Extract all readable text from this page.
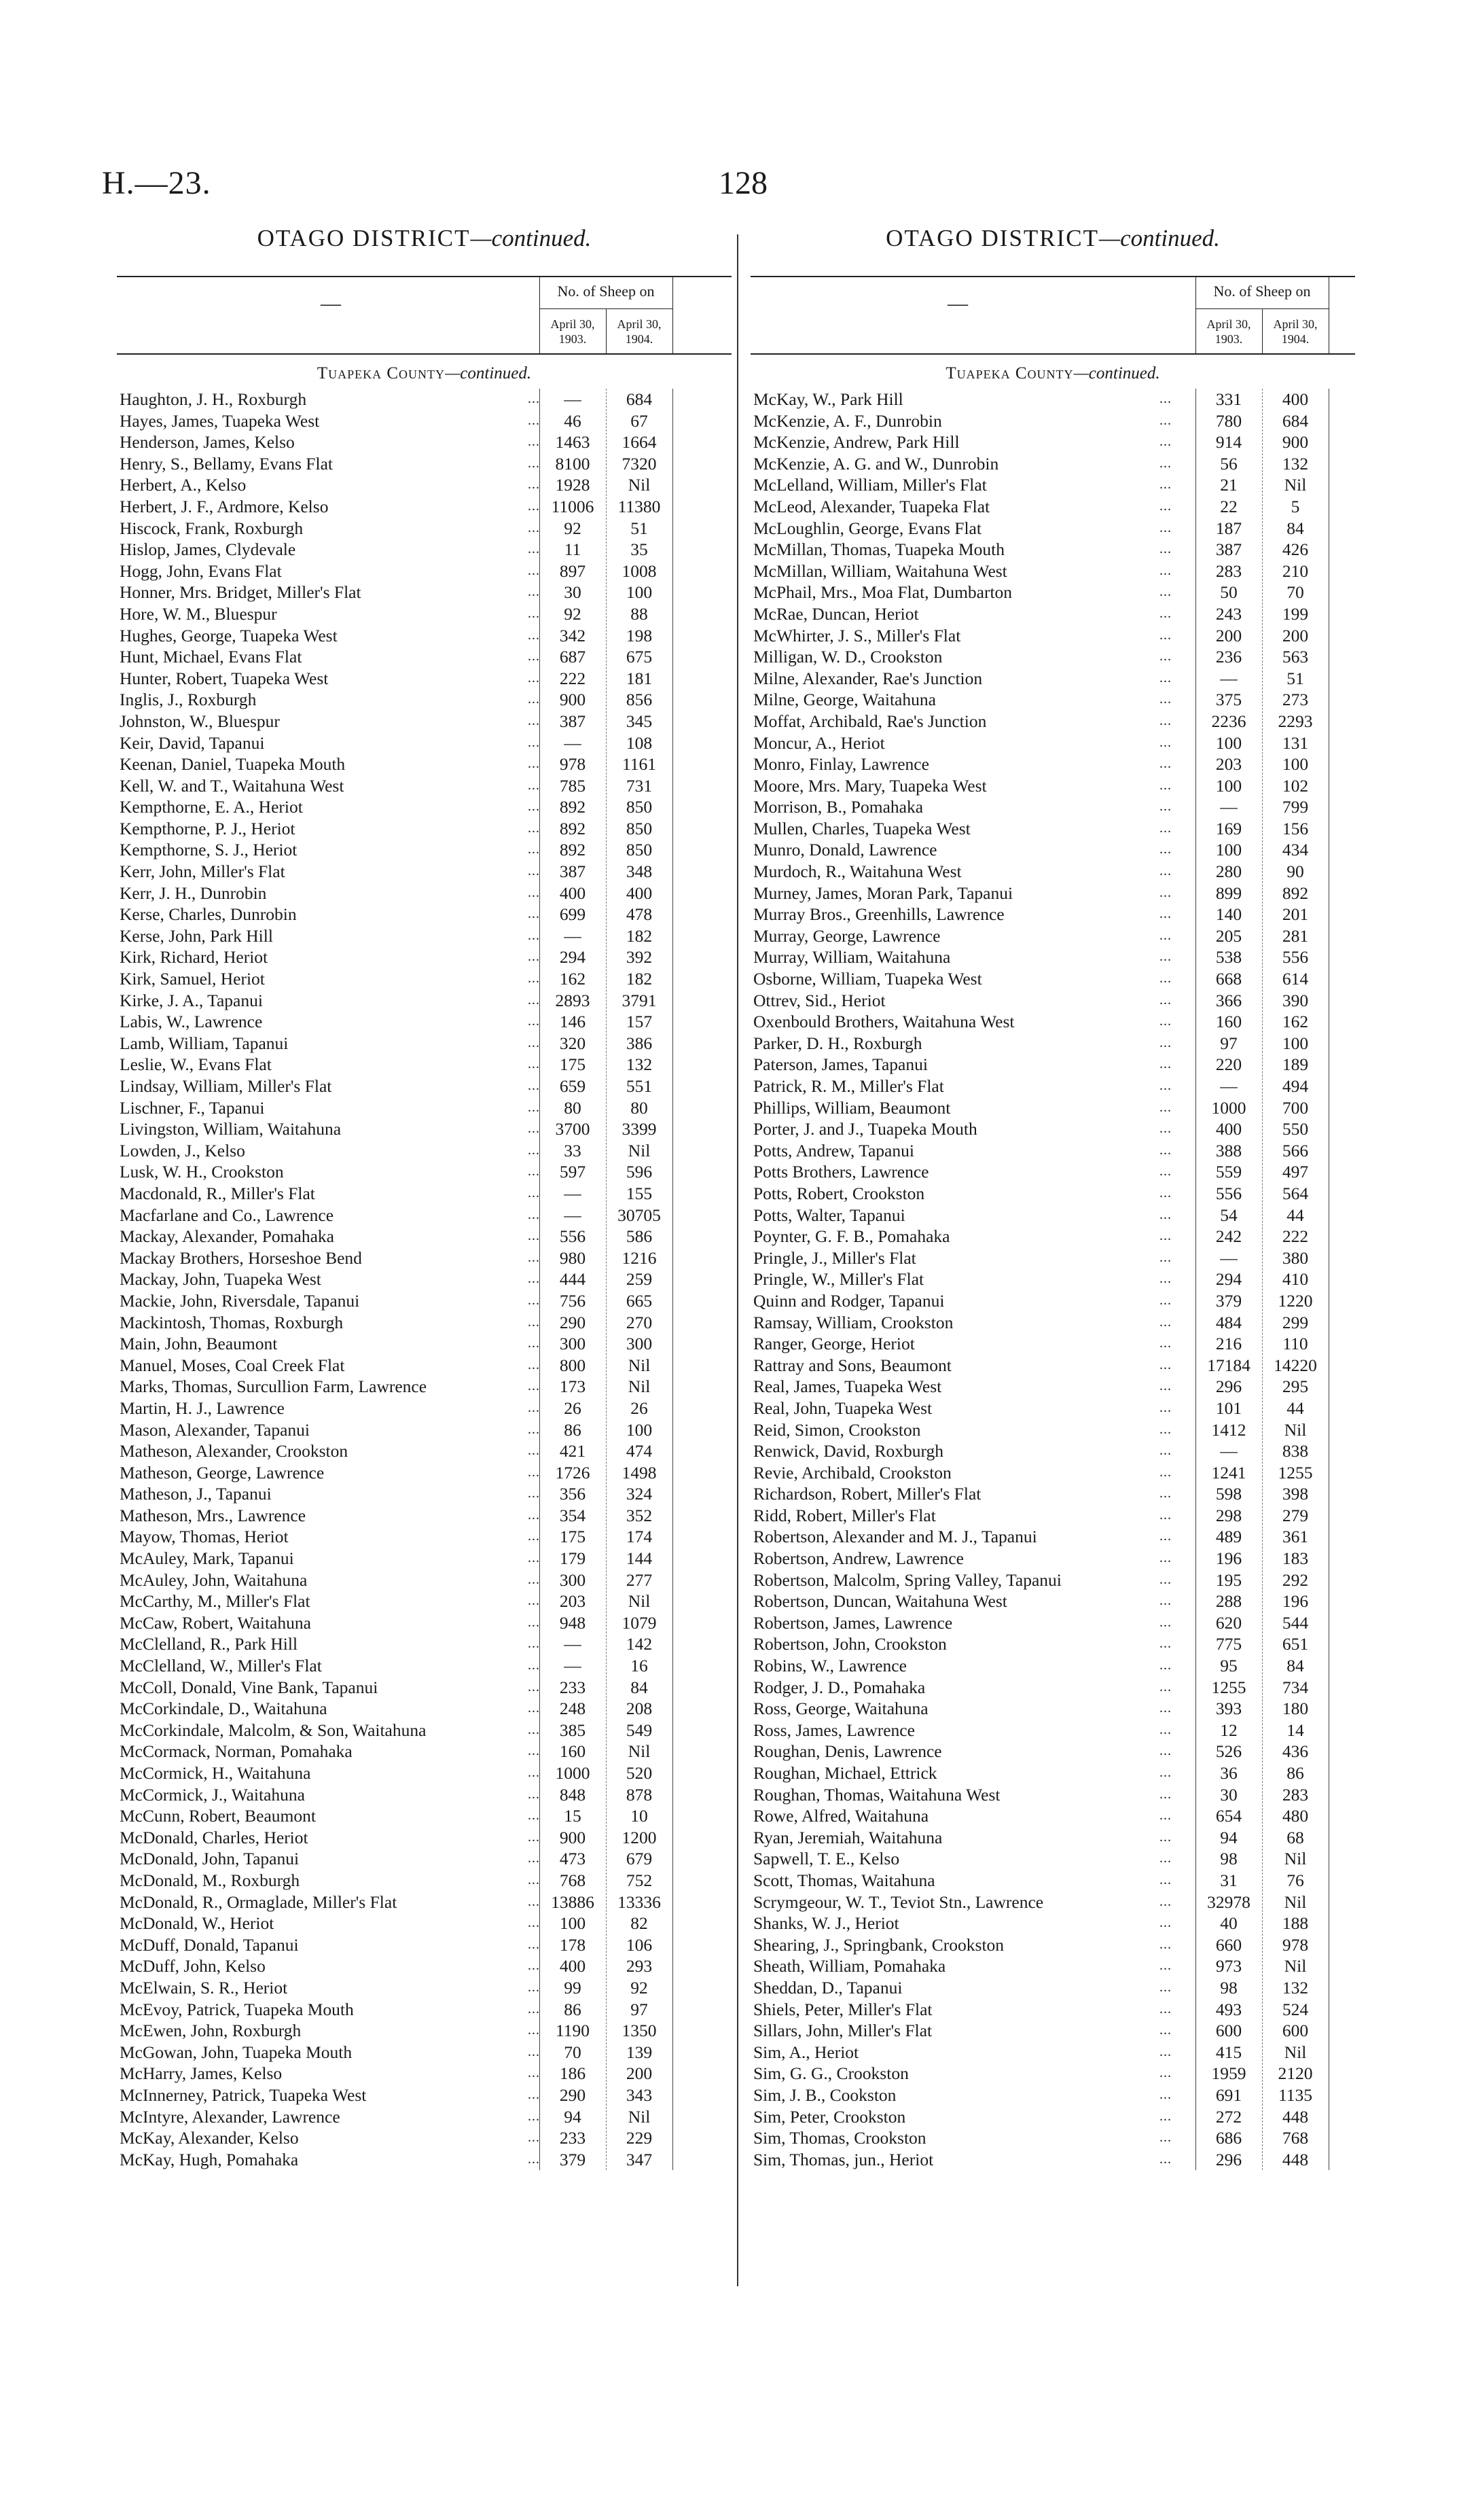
H.—23.	128
OTAGO DISTRICT—continued.
—
No. of Sheep on
April 30, 1903.
April 30, 1904.
Tuapeka County—continued.
Haughton, J. H., Roxburgh	...	—	684
Hayes, James, Tuapeka West	...	46	67
Henderson, James, Kelso	... 1463	1664
Henry, S., Bellamy, Evans Flat	... 8100	7320
Herbert, A., Kelso	... 1928	Nil
Herbert, J. F., Ardmore, Kelso	... 11006	11380
Hiscock, Frank, Roxburgh	...	92	51
Hislop, James, Clydevale	...	11	35
Hogg, John, Evans Flat	...	897	1008
Honner, Mrs. Bridget, Miller's Flat	...	30	100
Hore, W. M., Bluespur	...	92	88
Hughes, George, Tuapeka West	...	342	198
Hunt, Michael, Evans Flat	...	687	675
Hunter, Robert, Tuapeka West	...	222	181
Inglis, J., Roxburgh	...	900	856
Johnston, W., Bluespur	...	387	345
Keir, David, Tapanui	...	—	108
Keenan, Daniel, Tuapeka Mouth	...	978	1161
Kell, W. and T., Waitahuna West	...	785	731
Kempthorne, E. A., Heriot	...	892	850
Kempthorne, P. J., Heriot	...	892	850
Kempthorne, S. J., Heriot	...	892	850
Kerr, John, Miller's Flat	...	387	348
Kerr, J. H., Dunrobin	...	400	400
Kerse, Charles, Dunrobin	...	699	478
Kerse, John, Park Hill	...	—	182
Kirk, Richard, Heriot	...	294	392
Kirk, Samuel, Heriot	...	162	182
Kirke, J. A., Tapanui	... 2893	3791
Labis, W., Lawrence	...	146	157
Lamb, William, Tapanui	...	320	386
Leslie, W., Evans Flat	...	175	132
Lindsay, William, Miller's Flat	...	659	551
Lischner, F., Tapanui	...	80	80
Livingston, William, Waitahuna	... 3700	3399
Lowden, J., Kelso	...	33	Nil
Lusk, W. H., Crookston	...	597	596
Macdonald, R., Miller's Flat	...	—	155
Macfarlane and Co., Lawrence	...	—	30705
Mackay, Alexander, Pomahaka	...	556	586
Mackay Brothers, Horseshoe Bend	...	980	1216
Mackay, John, Tuapeka West	...	444	259
Mackie, John, Riversdale, Tapanui	...	756	665
Mackintosh, Thomas, Roxburgh	...	290	270
Main, John, Beaumont	...	300	300
Manuel, Moses, Coal Creek Flat	...	800	Nil
Marks, Thomas, Surcullion Farm, Lawrence	...	173	Nil
Martin, H. J., Lawrence	...	26	26
Mason, Alexander, Tapanui	...	86	100
Matheson, Alexander, Crookston	...	421	474
Matheson, George, Lawrence	... 1726	1498
Matheson, J., Tapanui	...	356	324
Matheson, Mrs., Lawrence	...	354	352
Mayow, Thomas, Heriot	...	175	174
McAuley, Mark, Tapanui	...	179	144
McAuley, John, Waitahuna	...	300	277
McCarthy, M., Miller's Flat	...	203	Nil
McCaw, Robert, Waitahuna	...	948	1079
McClelland, R., Park Hill	...	—	142
McClelland, W., Miller's Flat	...	—	16
McColl, Donald, Vine Bank, Tapanui	...	233	84
McCorkindale, D., Waitahuna	...	248	208
McCorkindale, Malcolm, & Son, Waitahuna	...	385	549
McCormack, Norman, Pomahaka	...	160	Nil
McCormick, H., Waitahuna	... 1000	520
McCormick, J., Waitahuna	...	848	878
McCunn, Robert, Beaumont	...	15	10
McDonald, Charles, Heriot	...	900	1200
McDonald, John, Tapanui	...	473	679
McDonald, M., Roxburgh	...	768	752
McDonald, R., Ormaglade, Miller's Flat	... 13886	13336
McDonald, W., Heriot	...	100	82
McDuff, Donald, Tapanui	...	178	106
McDuff, John, Kelso	...	400	293
McElwain, S. R., Heriot	...	99	92
McEvoy, Patrick, Tuapeka Mouth	...	86	97
McEwen, John, Roxburgh	... 1190	1350
McGowan, John, Tuapeka Mouth	...	70	139
McHarry, James, Kelso	...	186	200
McInnerney, Patrick, Tuapeka West	...	290	343
McIntyre, Alexander, Lawrence	...	94	Nil
McKay, Alexander, Kelso	...	233	229
McKay, Hugh, Pomahaka	...	379	347
OTAGO DISTRICT—continued.
—
No. of Sheep on
April 30, 1903.
April 30, 1904.
Tuapeka County—continued.
McKay, W., Park Hill	...	331	400
McKenzie, A. F., Dunrobin	...	780	684
McKenzie, Andrew, Park Hill	...	914	900
McKenzie, A. G. and W., Dunrobin	...	56	132
McLelland, William, Miller's Flat	...	21	Nil
McLeod, Alexander, Tuapeka Flat	...	22	5
McLoughlin, George, Evans Flat	...	187	84
McMillan, Thomas, Tuapeka Mouth	...	387	426
McMillan, William, Waitahuna West	...	283	210
McPhail, Mrs., Moa Flat, Dumbarton	...	50	70
McRae, Duncan, Heriot	...	243	199
McWhirter, J. S., Miller's Flat	...	200	200
Milligan, W. D., Crookston	...	236	563
Milne, Alexander, Rae's Junction	...	—	51
Milne, George, Waitahuna	...	375	273
Moffat, Archibald, Rae's Junction	...	2236	2293
Moncur, A., Heriot	...	100	131
Monro, Finlay, Lawrence	...	203	100
Moore, Mrs. Mary, Tuapeka West	...	100	102
Morrison, B., Pomahaka	...	—	799
Mullen, Charles, Tuapeka West	...	169	156
Munro, Donald, Lawrence	...	100	434
Murdoch, R., Waitahuna West	...	280	90
Murney, James, Moran Park, Tapanui	...	899	892
Murray Bros., Greenhills, Lawrence	...	140	201
Murray, George, Lawrence	...	205	281
Murray, William, Waitahuna	...	538	556
Osborne, William, Tuapeka West	...	668	614
Ottrev, Sid., Heriot	...	366	390
Oxenbould Brothers, Waitahuna West	...	160	162
Parker, D. H., Roxburgh	...	97	100
Paterson, James, Tapanui	...	220	189
Patrick, R. M., Miller's Flat	...	—	494
Phillips, William, Beaumont	...	1000	700
Porter, J. and J., Tuapeka Mouth	...	400	550
Potts, Andrew, Tapanui	...	388	566
Potts Brothers, Lawrence	...	559	497
Potts, Robert, Crookston	...	556	564
Potts, Walter, Tapanui	...	54	44
Poynter, G. F. B., Pomahaka	...	242	222
Pringle, J., Miller's Flat	...	—	380
Pringle, W., Miller's Flat	...	294	410
Quinn and Rodger, Tapanui	...	379	1220
Ramsay, William, Crookston	...	484	299
Ranger, George, Heriot	...	216	110
Rattray and Sons, Beaumont	...	17184	14220
Real, James, Tuapeka West	...	296	295
Real, John, Tuapeka West	...	101	44
Reid, Simon, Crookston	...	1412	Nil
Renwick, David, Roxburgh	...	—	838
Revie, Archibald, Crookston	...	1241	1255
Richardson, Robert, Miller's Flat	...	598	398
Ridd, Robert, Miller's Flat	...	298	279
Robertson, Alexander and M. J., Tapanui	...	489	361
Robertson, Andrew, Lawrence	...	196	183
Robertson, Malcolm, Spring Valley, Tapanui	...	195	292
Robertson, Duncan, Waitahuna West	...	288	196
Robertson, James, Lawrence	...	620	544
Robertson, John, Crookston	...	775	651
Robins, W., Lawrence	...	95	84
Rodger, J. D., Pomahaka	...	1255	734
Ross, George, Waitahuna	...	393	180
Ross, James, Lawrence	...	12	14
Roughan, Denis, Lawrence	...	526	436
Roughan, Michael, Ettrick	...	36	86
Roughan, Thomas, Waitahuna West	...	30	283
Rowe, Alfred, Waitahuna	...	654	480
Ryan, Jeremiah, Waitahuna	...	94	68
Sapwell, T. E., Kelso	...	98	Nil
Scott, Thomas, Waitahuna	...	31	76
Scrymgeour, W. T., Teviot Stn., Lawrence	...	32978	Nil
Shanks, W. J., Heriot	...	40	188
Shearing, J., Springbank, Crookston	...	660	978
Sheath, William, Pomahaka	...	973	Nil
Sheddan, D., Tapanui	...	98	132
Shiels, Peter, Miller's Flat	...	493	524
Sillars, John, Miller's Flat	...	600	600
Sim, A., Heriot	...	415	Nil
Sim, G. G., Crookston	...	1959	2120
Sim, J. B., Cookston	...	691	1135
Sim, Peter, Crookston	...	272	448
Sim, Thomas, Crookston	...	686	768
Sim, Thomas, jun., Heriot	...	296	448
